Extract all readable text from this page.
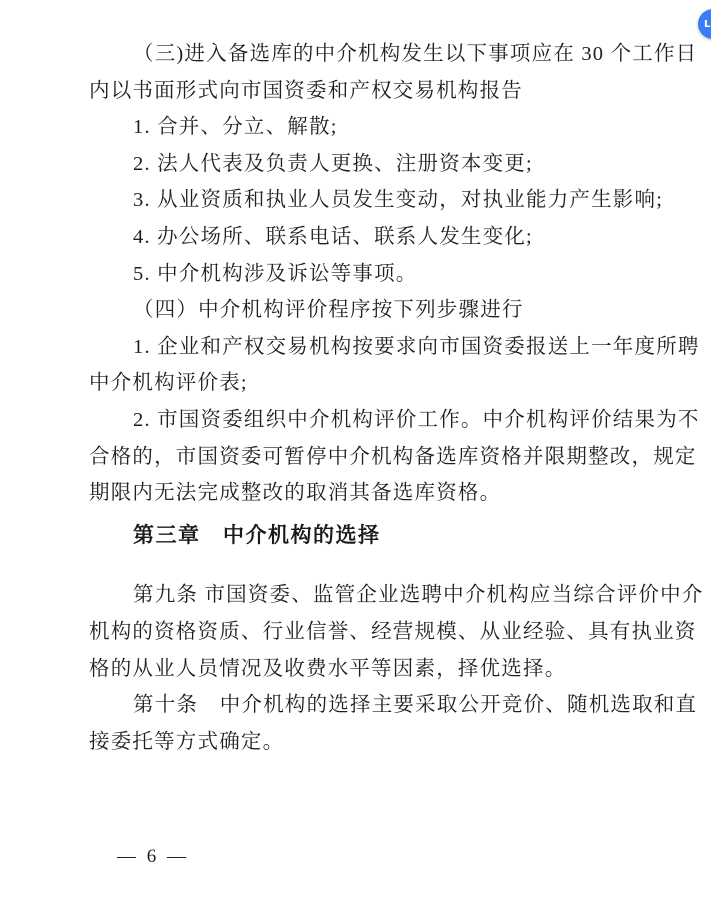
L
（三)进入备选库的中介机构发生以下事项应在 30 个工作日
内以书面形式向市国资委和产权交易机构报告
1. 合并、分立、解散;
2. 法人代表及负责人更换、注册资本变更;
3. 从业资质和执业人员发生变动，对执业能力产生影响;
4. 办公场所、联系电话、联系人发生变化;
5. 中介机构涉及诉讼等事项。
（四）中介机构评价程序按下列步骤进行
1. 企业和产权交易机构按要求向市国资委报送上一年度所聘
中介机构评价表;
2. 市国资委组织中介机构评价工作。中介机构评价结果为不
合格的，市国资委可暂停中介机构备选库资格并限期整改，规定
期限内无法完成整改的取消其备选库资格。
第三章　中介机构的选择
第九条 市国资委、监管企业选聘中介机构应当综合评价中介
机构的资格资质、行业信誉、经营规模、从业经验、具有执业资
格的从业人员情况及收费水平等因素，择优选择。
第十条　中介机构的选择主要采取公开竞价、随机选取和直
接委托等方式确定。
— 6 —
